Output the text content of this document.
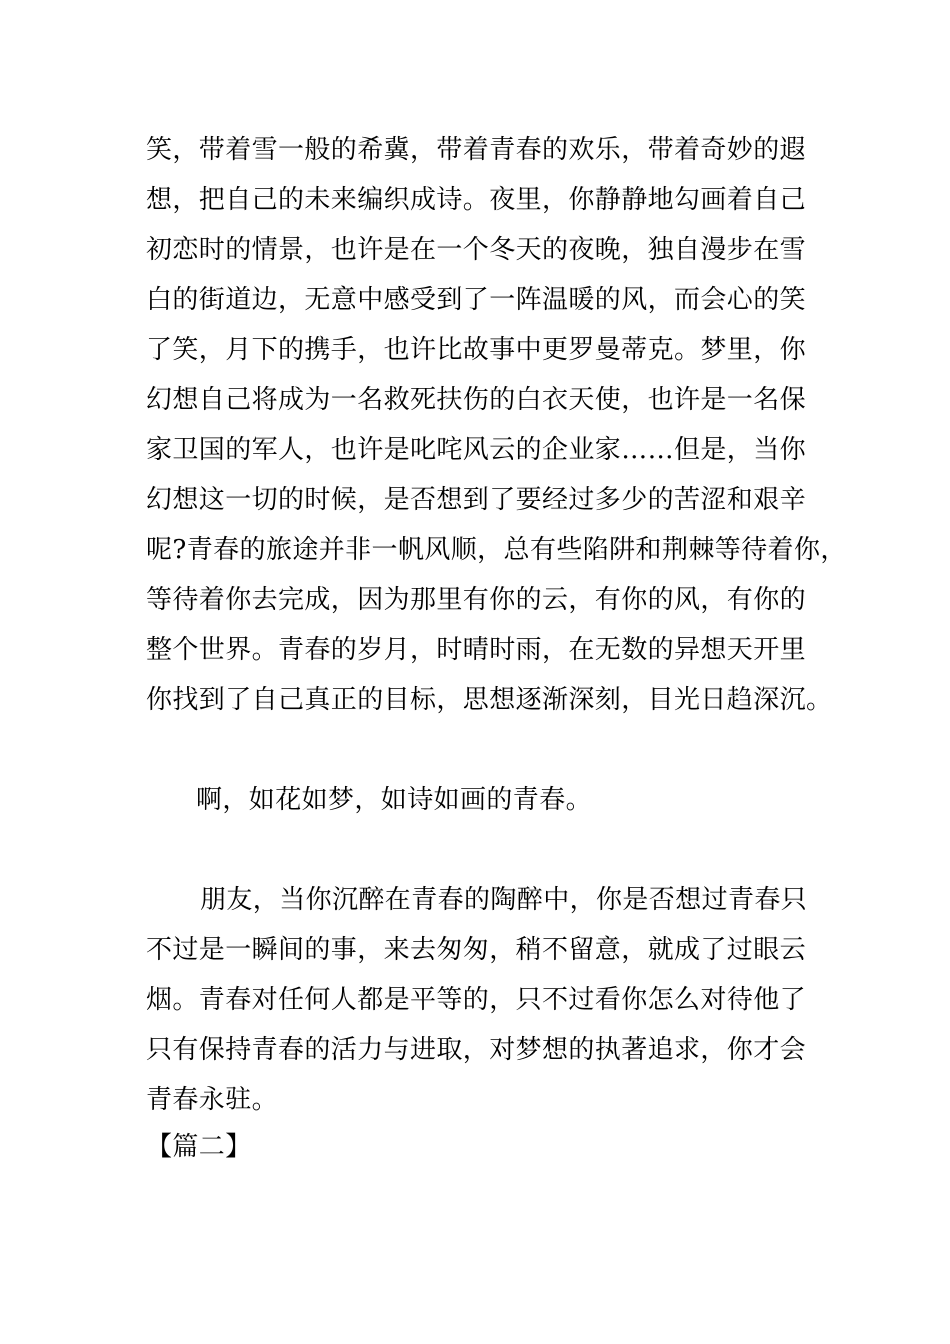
笑，带着雪一般的希冀，带着青春的欢乐，带着奇妙的遐
想，把自己的未来编织成诗。夜里，你静静地勾画着自己
初恋时的情景，也许是在一个冬天的夜晚，独自漫步在雪
白的街道边，无意中感受到了一阵温暖的风，而会心的笑
了笑，月下的携手，也许比故事中更罗曼蒂克。梦里，你
幻想自己将成为一名救死扶伤的白衣天使，也许是一名保
家卫国的军人，也许是叱咤风云的企业家……但是，当你
幻想这一切的时候，是否想到了要经过多少的苦涩和艰辛
呢?青春的旅途并非一帆风顺，总有些陷阱和荆棘等待着你，
等待着你去完成，因为那里有你的云，有你的风，有你的
整个世界。青春的岁月，时晴时雨，在无数的异想天开里
你找到了自己真正的目标，思想逐渐深刻，目光日趋深沉。
啊，如花如梦，如诗如画的青春。
朋友，当你沉醉在青春的陶醉中，你是否想过青春只
不过是一瞬间的事，来去匆匆，稍不留意，就成了过眼云
烟。青春对任何人都是平等的，只不过看你怎么对待他了
只有保持青春的活力与进取，对梦想的执著追求，你才会
青春永驻。
【篇二】
